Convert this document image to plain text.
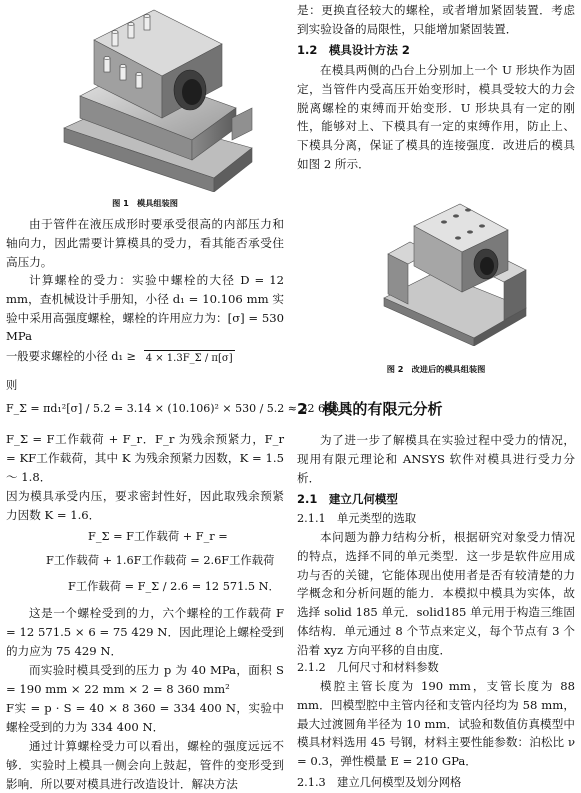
图 1　模具组装图

由于管件在液压成形时要承受很高的内部压力和轴向力，因此需要计算模具的受力，看其能否承受住高压力。

计算螺栓的受力：实验中螺栓的大径 D = 12 mm，查机械设计手册知，小径 d₁ = 10.106 mm 实验中采用高强度螺栓，螺栓的许用应力为：[σ] = 530 MPa

一般要求螺栓的小径 d₁ ≥ 4 × 1.3F_Σ / π[σ]
则
F_Σ = πd₁²[σ] / 5.2 = 3.14 × (10.106)² × 530 / 5.2 ≈ 32 686 N

F_Σ = F工作载荷 + F_r．F_r 为残余预紧力，F_r = KF工作载荷，其中 K 为残余预紧力因数，K = 1.5 ～ 1.8．

因为模具承受内压，要求密封性好，因此取残余预紧力因数 K = 1.6．

F_Σ = F工作载荷 + F_r =
F工作载荷 + 1.6F工作载荷 = 2.6F工作载荷
F工作载荷 = F_Σ / 2.6 = 12 571.5 N．

这是一个螺栓受到的力，六个螺栓的工作载荷 F = 12 571.5 × 6 = 75 429 N．因此理论上螺栓受到的力应为 75 429 N．

而实验时模具受到的压力 p 为 40 MPa，面积 S = 190 mm × 22 mm × 2 = 8 360 mm²

F实 = p · S = 40 × 8 360 = 334 400 N，实验中螺栓受到的力为 334 400 N．

通过计算螺栓受力可以看出，螺栓的强度远远不够．实验时上模具一侧会向上鼓起，管件的变形受到影响．所以要对模具进行改造设计．解决方法

是：更换直径较大的螺栓，或者增加紧固装置．考虑到实验设备的局限性，只能增加紧固装置．

1.2　模具设计方法 2

在模具两侧的凸台上分别加上一个 U 形块作为固定，当管件内受高压开始变形时，模具受较大的力会脱离螺栓的束缚而开始变形．U 形块具有一定的刚性，能够对上、下模具有一定的束缚作用，防止上、下模具分离，保证了模具的连接强度．改进后的模具如图 2 所示．

图 2　改进后的模具组装图
2　模具的有限元分析

为了进一步了解模具在实验过程中受力的情况，现用有限元理论和 ANSYS 软件对模具进行受力分析．

2.1　建立几何模型
2.1.1　单元类型的选取

本问题为静力结构分析，根据研究对象受力情况的特点，选择不同的单元类型．这一步是软件应用成功与否的关键，它能体现出使用者是否有较清楚的力学概念和分析问题的能力．本模拟中模具为实体，故选择 solid 185 单元．solid185 单元用于构造三维固体结构．单元通过 8 个节点来定义，每个节点有 3 个沿着 xyz 方向平移的自由度．

2.1.2　几何尺寸和材料参数

模腔主管长度为 190 mm，支管长度为 88 mm．凹模型腔中主管内径和支管内径均为 58 mm，最大过渡圆角半径为 10 mm．试验和数值仿真模型中模具材料选用 45 号钢，材料主要性能参数：泊松比 ν = 0.3，弹性模量 E = 210 GPa．

2.1.3　建立几何模型及划分网格
